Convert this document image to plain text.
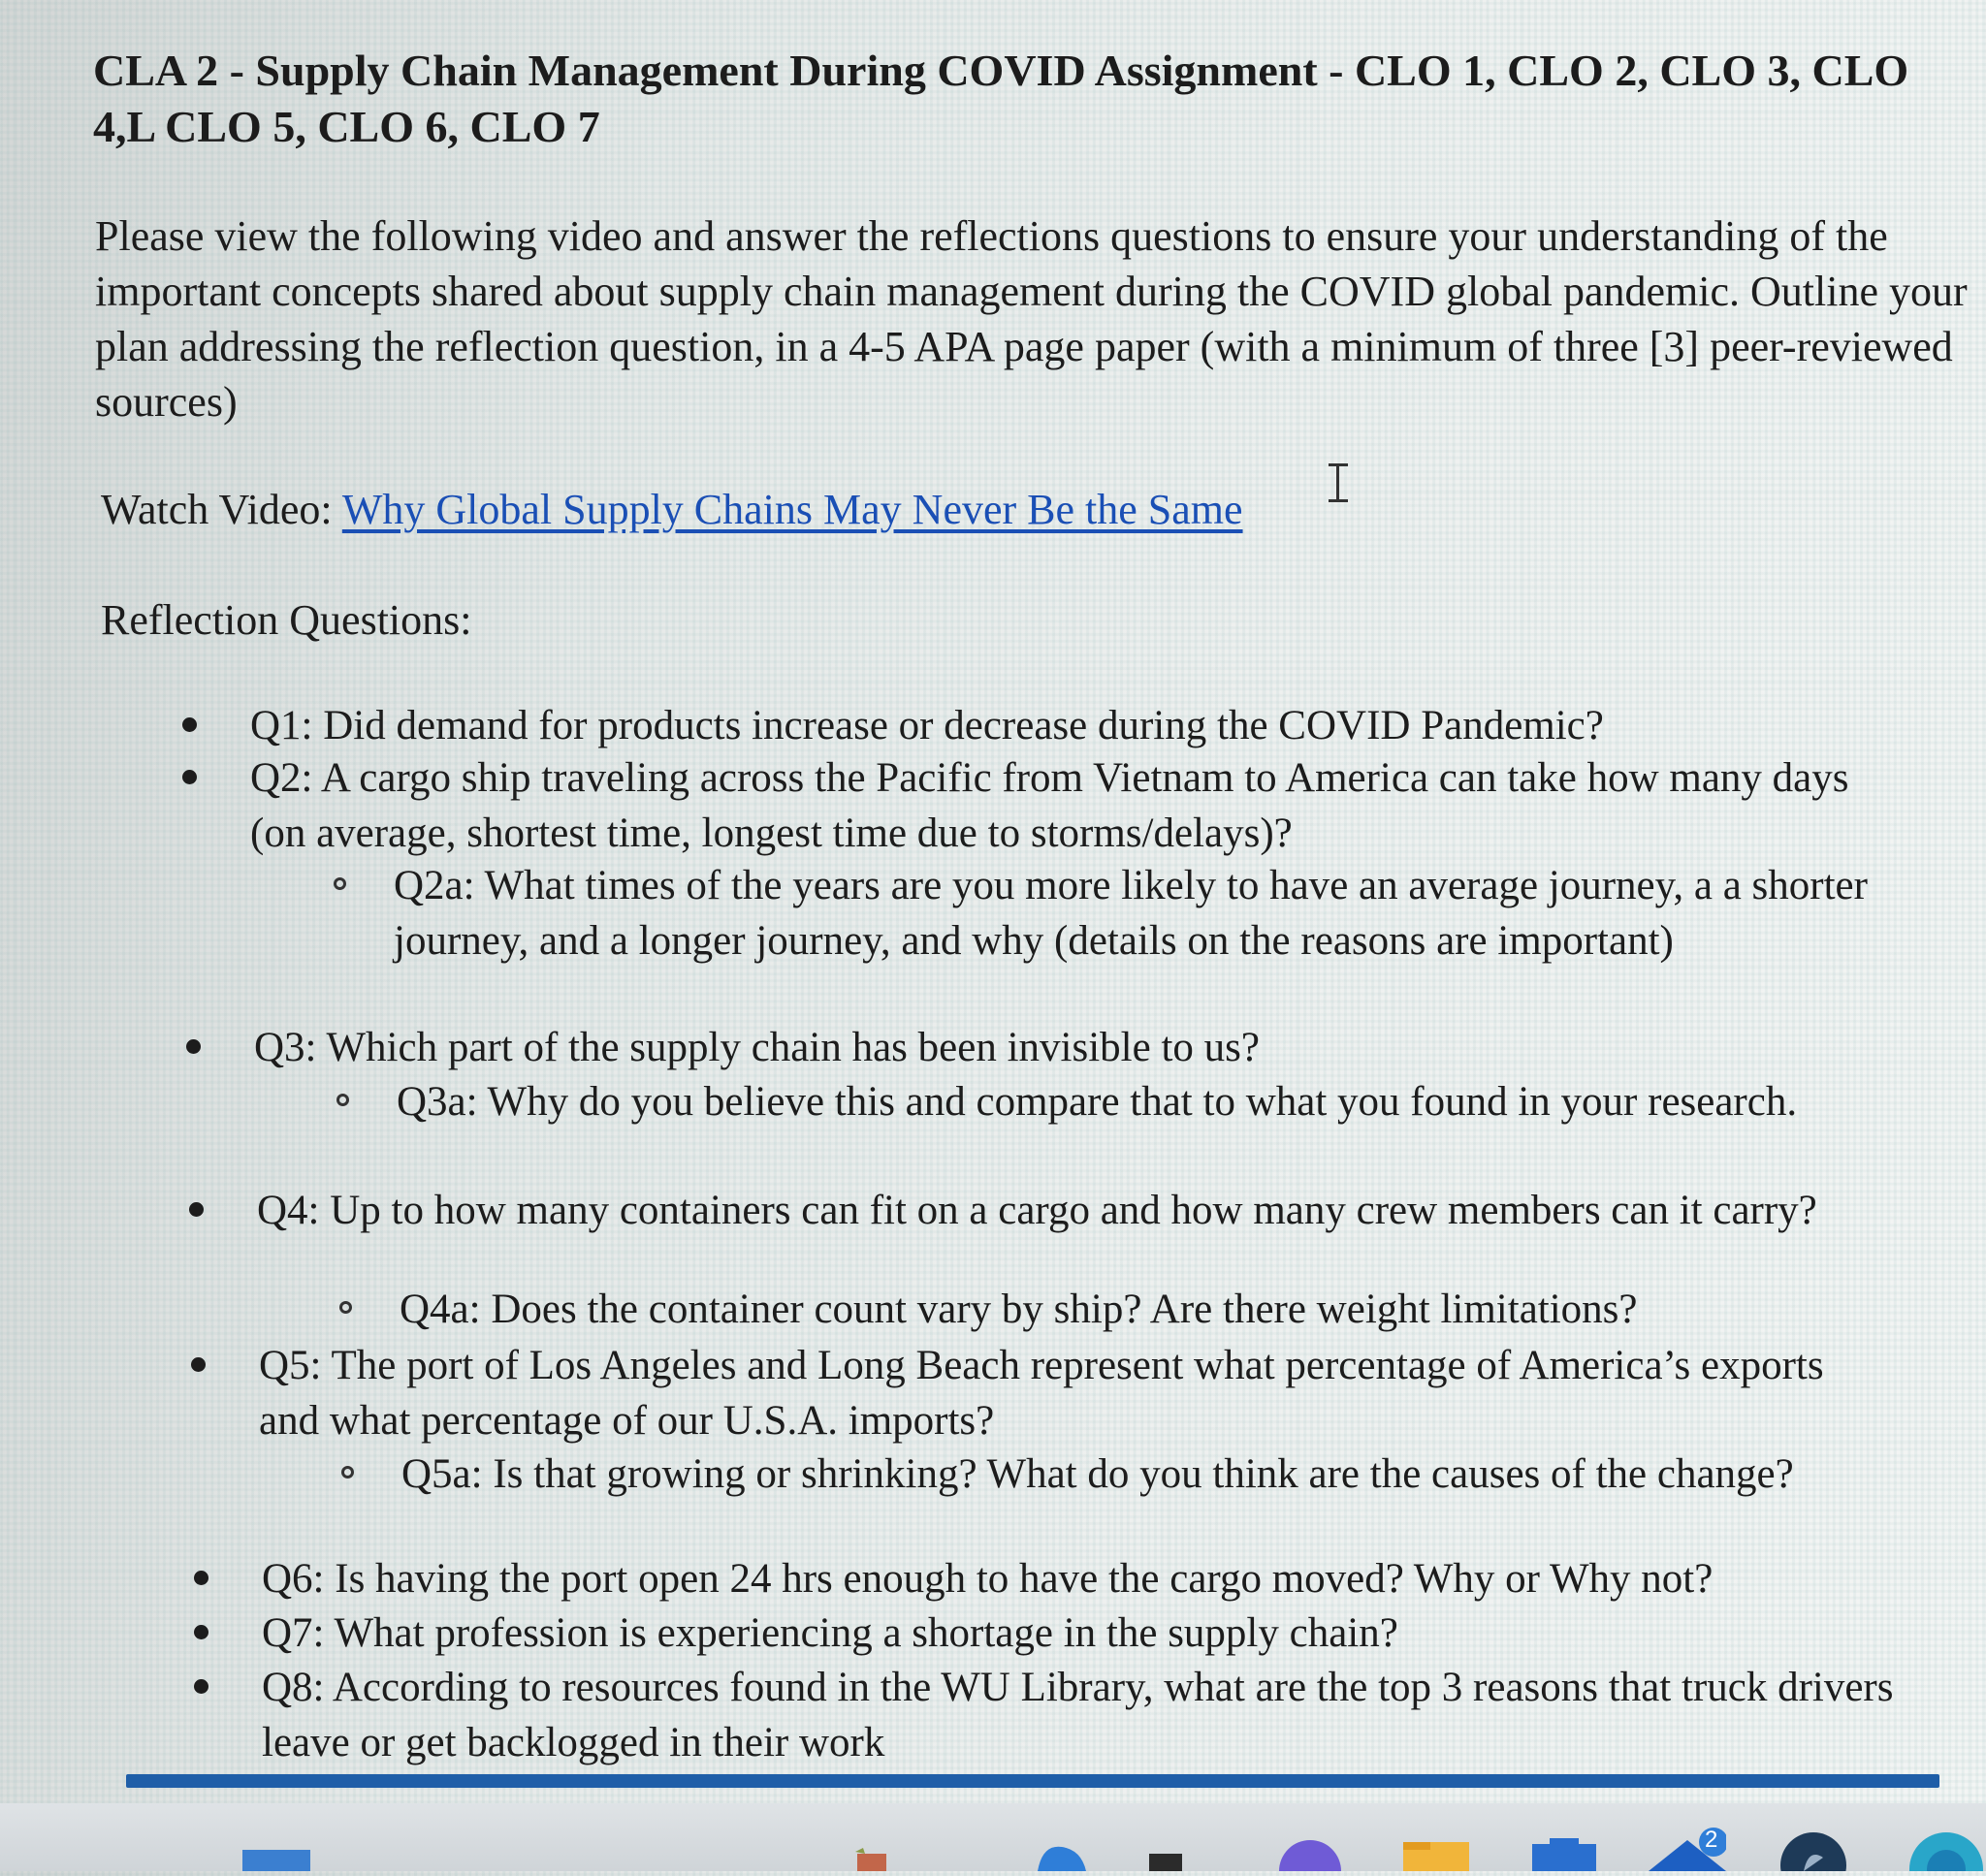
CLA 2 - Supply Chain Management During COVID Assignment - CLO 1, CLO 2, CLO 3, CLO 4,L CLO 5, CLO 6, CLO 7

Please view the following video and answer the reflections questions to ensure your understanding of the important concepts shared about supply chain management during the COVID global pandemic. Outline your plan addressing the reflection question, in a 4-5 APA page paper (with a minimum of three [3] peer-reviewed sources)

Watch Video: Why Global Supply Chains May Never Be the Same

Reflection Questions:

Q1: Did demand for products increase or decrease during the COVID Pandemic?
Q2: A cargo ship traveling across the Pacific from Vietnam to America can take how many days (on average, shortest time, longest time due to storms/delays)?
Q2a: What times of the years are you more likely to have an average journey, a a shorter journey, and a longer journey, and why (details on the reasons are important)
Q3: Which part of the supply chain has been invisible to us?
Q3a: Why do you believe this and compare that to what you found in your research.
Q4: Up to how many containers can fit on a cargo and how many crew members can it carry?
Q4a: Does the container count vary by ship? Are there weight limitations?
Q5: The port of Los Angeles and Long Beach represent what percentage of America’s exports and what percentage of our U.S.A. imports?
Q5a: Is that growing or shrinking? What do you think are the causes of the change?
Q6: Is having the port open 24 hrs enough to have the cargo moved? Why or Why not?
Q7: What profession is experiencing a shortage in the supply chain?
Q8: According to resources found in the WU Library, what are the top 3 reasons that truck drivers leave or get backlogged in their work
2
